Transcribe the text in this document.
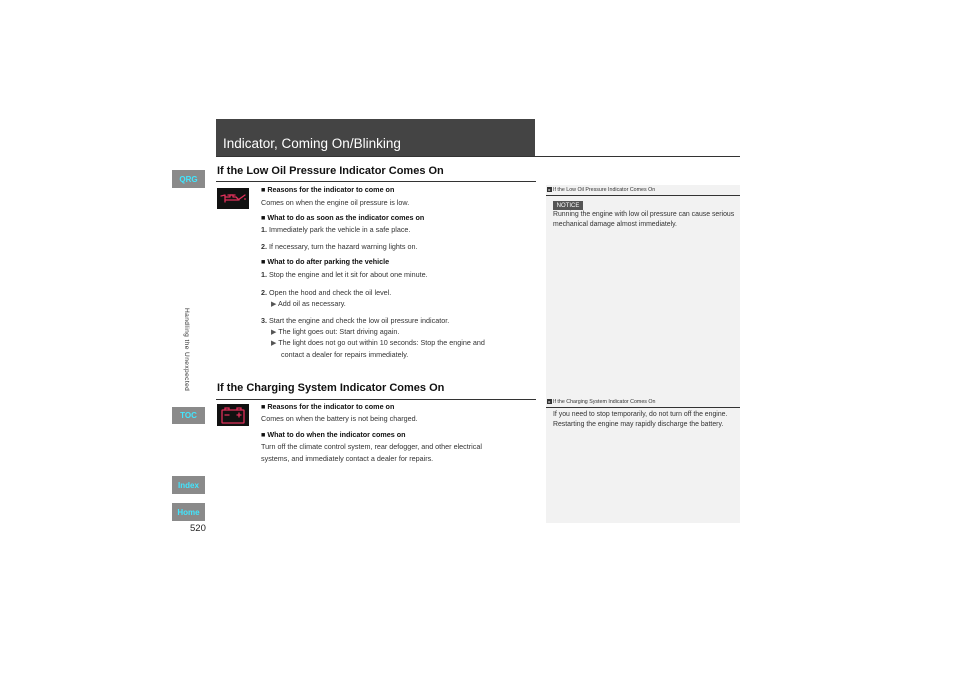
Indicator, Coming On/Blinking
QRG
Handling the Unexpected
TOC
Index
Home
520
If the Low Oil Pressure Indicator Comes On
■ Reasons for the indicator to come on
Comes on when the engine oil pressure is low.
■ What to do as soon as the indicator comes on
1. Immediately park the vehicle in a safe place.
2. If necessary, turn the hazard warning lights on.
■ What to do after parking the vehicle
1. Stop the engine and let it sit for about one minute.
2. Open the hood and check the oil level.
▶ Add oil as necessary.
3. Start the engine and check the low oil pressure indicator.
▶ The light goes out: Start driving again.
▶ The light does not go out within 10 seconds: Stop the engine and
contact a dealer for repairs immediately.
If the Charging System Indicator Comes On
■ Reasons for the indicator to come on
Comes on when the battery is not being charged.
■ What to do when the indicator comes on
Turn off the climate control system, rear defogger, and other electrical
systems, and immediately contact a dealer for repairs.
▸ If the Low Oil Pressure Indicator Comes On
NOTICE
Running the engine with low oil pressure can cause serious mechanical damage almost immediately.
▸ If the Charging System Indicator Comes On
If you need to stop temporarily, do not turn off the engine. Restarting the engine may rapidly discharge the battery.
